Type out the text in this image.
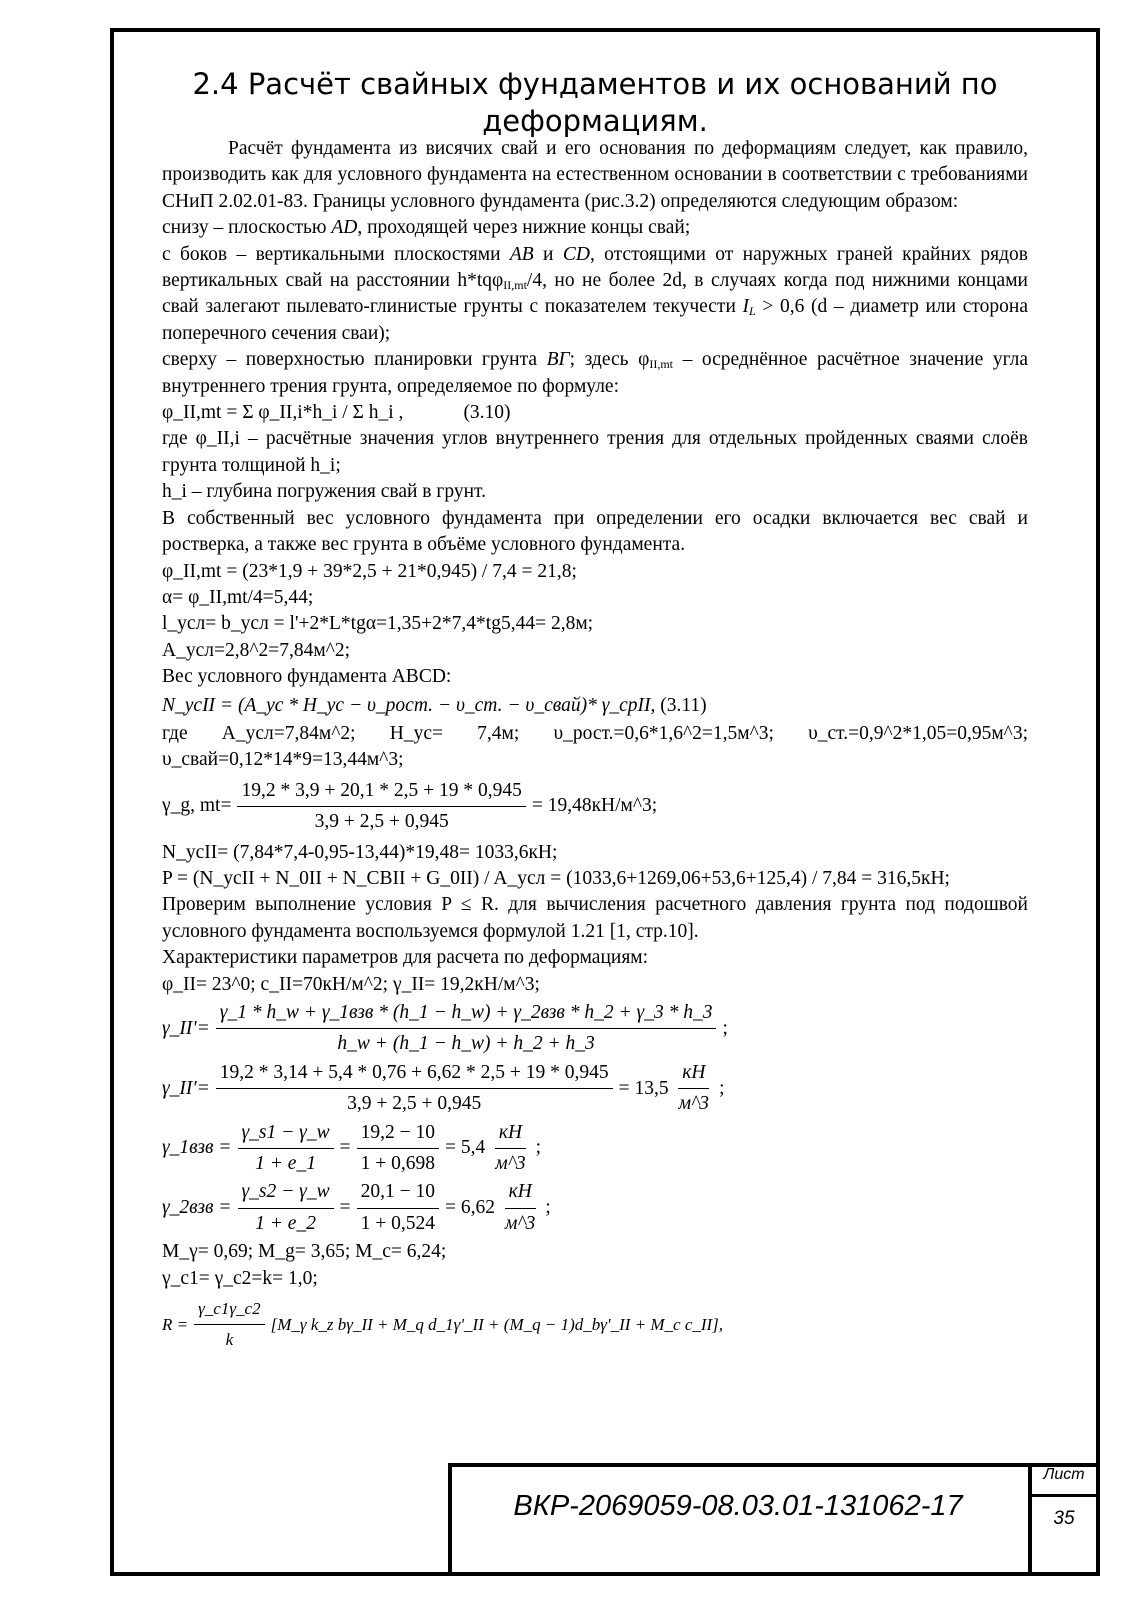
2.4 Расчёт свайных фундаментов и их оснований по деформациям.

Расчёт фундамента из висячих свай и его основания по деформациям следует, как правило, производить как для условного фундамента на естественном основании в соответствии с требованиями СНиП 2.02.01-83. Границы условного фундамента (рис.3.2) определяются следующим образом:

снизу – плоскостью AD, проходящей через нижние концы свай;

с боков – вертикальными плоскостями AB и CD, отстоящими от наружных граней крайних рядов вертикальных свай на расстоянии h*tqφ$_{II,mt}$/4, но не более 2d, в случаях когда под нижними концами свай залегают пылевато-глинистые грунты с показателем текучести $I_L > 0,6$ (d – диаметр или сторона поперечного сечения сваи);

сверху – поверхностью планировки грунта ВГ; здесь $\varphi_{II,mt}$ – осреднённое расчётное значение угла внутреннего трения грунта, определяемое по формуле:

φ_II,mt = Σ φ_II,i*h_i / Σ h_i ,	(3.10)

где φ_II,i – расчётные значения углов внутреннего трения для отдельных пройденных сваями слоёв грунта толщиной h_i;

h_i – глубина погружения свай в грунт.

В собственный вес условного фундамента при определении его осадки включается вес свай и ростверка, а также вес грунта в объёме условного фундамента.

φ_II,mt = (23*1,9 + 39*2,5 + 21*0,945) / 7,4 = 21,8;

α= φ_II,mt/4=5,44;

l_усл= b_усл = l'+2*L*tgα=1,35+2*7,4*tg5,44= 2,8м;

A_усл=2,8^2=7,84м^2;

Вес условного фундамента ABCD:

N_усII = (A_ус * H_ус − υ_рост. − υ_ст. − υ_свай)* γ_срII, (3.11)

где A_усл=7,84м^2; H_ус= 7,4м; υ_рост.=0,6*1,6^2=1,5м^3; υ_ст.=0,9^2*1,05=0,95м^3;

υ_свай=0,12*14*9=13,44м^3;

γ_g, $mt= \frac{19,2 * 3,9 + 20,1 * 2,5 + 19 * 0,945}{3,9 + 2,5 + 0,945}$ = 19,48кН/м^3;

N_усII= (7,84*7,4-0,95-13,44)*19,48= 1033,6кН;

P = (N_усII + N_0II + N_CBII + G_0II) / A_усл = (1033,6+1269,06+53,6+125,4) / 7,84 = 316,5кН;

Проверим выполнение условия P ≤ R. для вычисления расчетного давления грунта под подошвой условного фундамента воспользуемся формулой 1.21 [1, стр.10].

Характеристики параметров для расчета по деформациям:

φ_II= 23^0; c_II=70кН/м^2; γ_II= 19,2кН/м^3;

γ_II'= $\frac{\text{γ\_1 * h\_w + γ\_1взв * (h\_1 − h\_w) + γ\_2взв * h\_2 + γ\_3 * h\_3}}{h\_w + (h\_1 - h\_w) + h\_2 + h\_3}$ ;
γ_II'= $\frac{19,2 * 3,14 + 5,4 * 0,76 + 6,62 * 2,5 + 19 * 0,945}{3,9 + 2,5 + 0,945} = 13,5 \frac{кН}{м\^{}3}$ ;
γ_1взв = $\frac{\gamma\_s1 - \gamma\_w}{1 + e\_1} = \frac{19,2 - 10}{1 + 0,698} = 5,4 \frac{кН}{м\^{}3}$ ;
γ_2взв = $\frac{\gamma\_s2 - \gamma\_w}{1 + e\_2} = \frac{20,1 - 10}{1 + 0,524} = 6,62 \frac{кН}{м\^{}3}$ ;

M_γ= 0,69; M_g= 3,65; M_c= 6,24;

γ_c1= γ_c2=k= 1,0;

$R = \frac{\gamma\_c1\gamma\_c2}{k}$ [M_γ k_z bγ_II + M_q d_1γ'_II + (M_q − 1)d_bγ'_II + M_c c_II],
ВКР-2069059-08.03.01-131062-17
Лист
35
